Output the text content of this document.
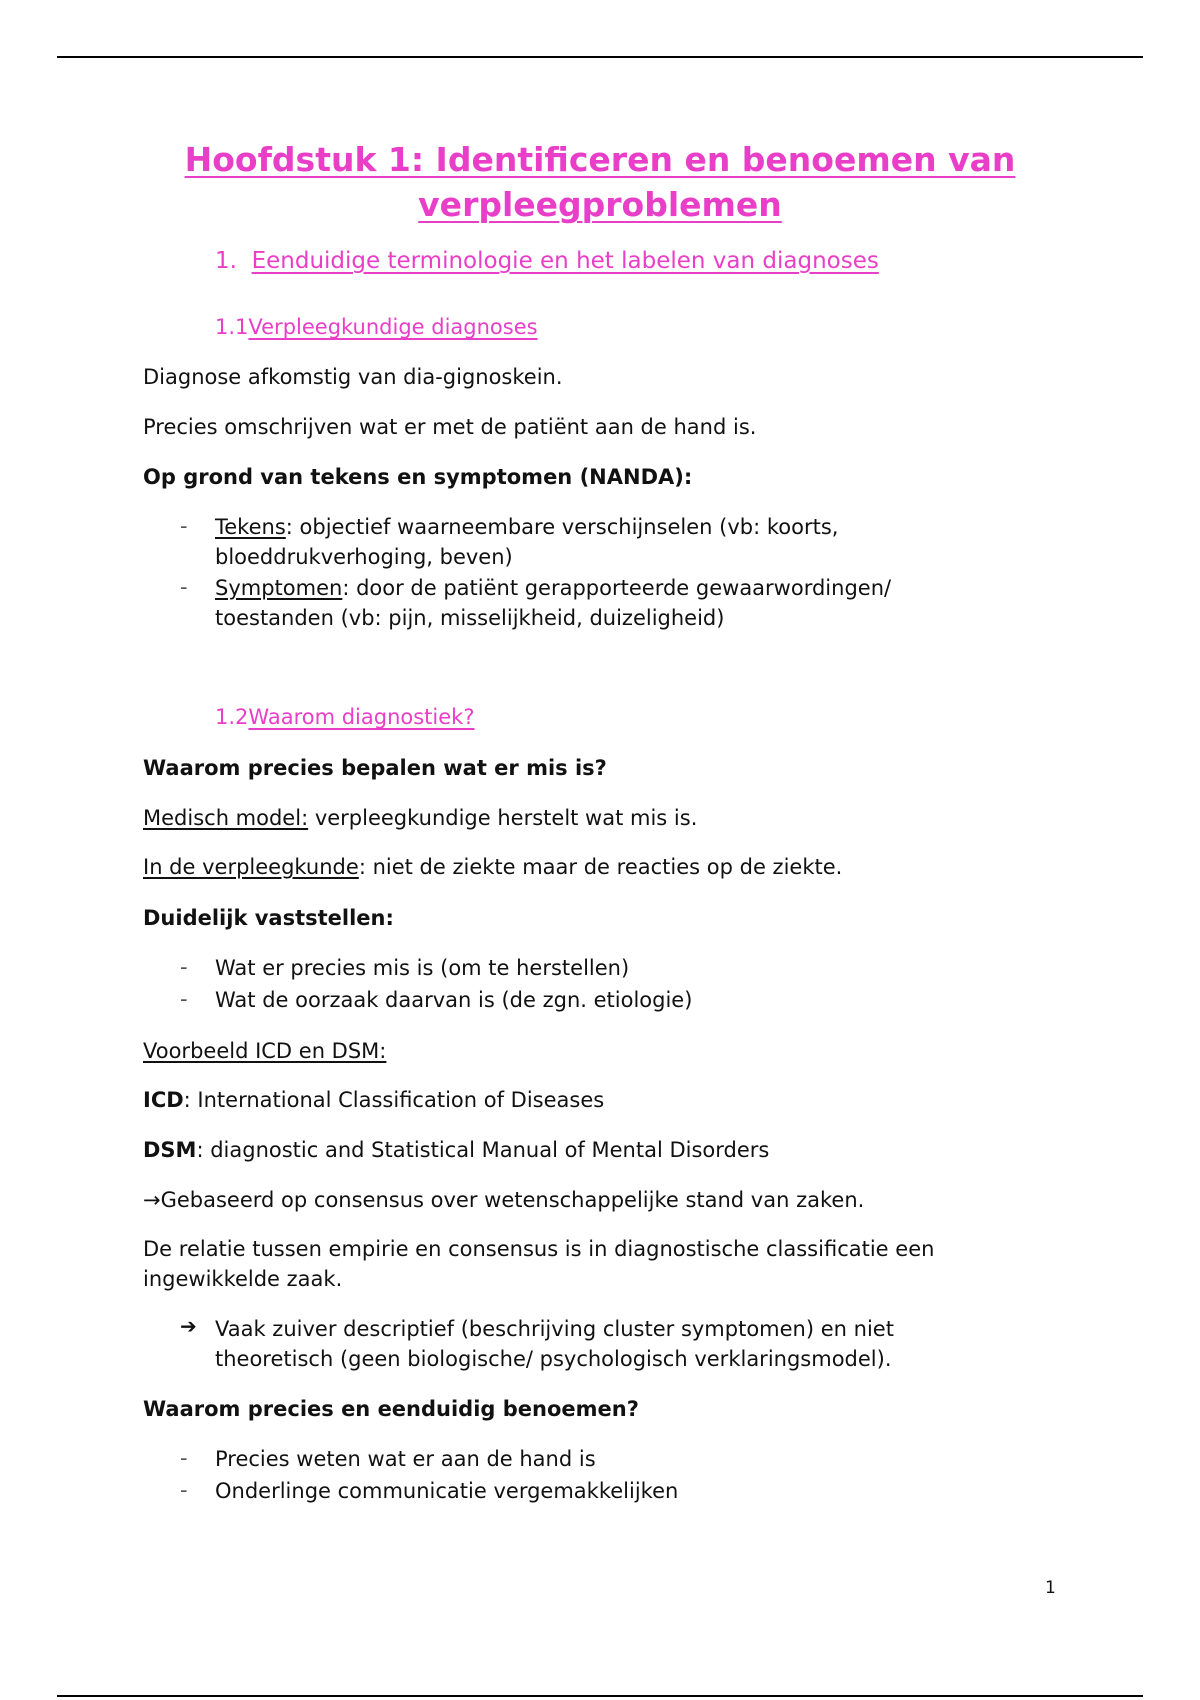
Hoofdstuk 1: Identificeren en benoemen van
verpleegproblemen
1. Eenduidige terminologie en het labelen van diagnoses
1.1Verpleegkundige diagnoses

Diagnose afkomstig van dia-gignoskein.

Precies omschrijven wat er met de patiënt aan de hand is.

Op grond van tekens en symptomen (NANDA):

- Tekens: objectief waarneembare verschijnselen (vb: koorts,
bloeddrukverhoging, beven)
- Symptomen: door de patiënt gerapporteerde gewaarwordingen/
toestanden (vb: pijn, misselijkheid, duizeligheid)
1.2Waarom diagnostiek?

Waarom precies bepalen wat er mis is?

Medisch model: verpleegkundige herstelt wat mis is.
In de verpleegkunde: niet de ziekte maar de reacties op de ziekte.

Duidelijk vaststellen:

- Wat er precies mis is (om te herstellen)

- Wat de oorzaak daarvan is (de zgn. etiologie)

Voorbeeld ICD en DSM:

ICD: International Classification of Diseases
DSM: diagnostic and Statistical Manual of Mental Disorders

→Gebaseerd op consensus over wetenschappelijke stand van zaken.

De relatie tussen empirie en consensus is in diagnostische classificatie een
ingewikkelde zaak.
➔ Vaak zuiver descriptief (beschrijving cluster symptomen) en niet
theoretisch (geen biologische/ psychologisch verklaringsmodel).

Waarom precies en eenduidig benoemen?

- Precies weten wat er aan de hand is

- Onderlinge communicatie vergemakkelijken

1
